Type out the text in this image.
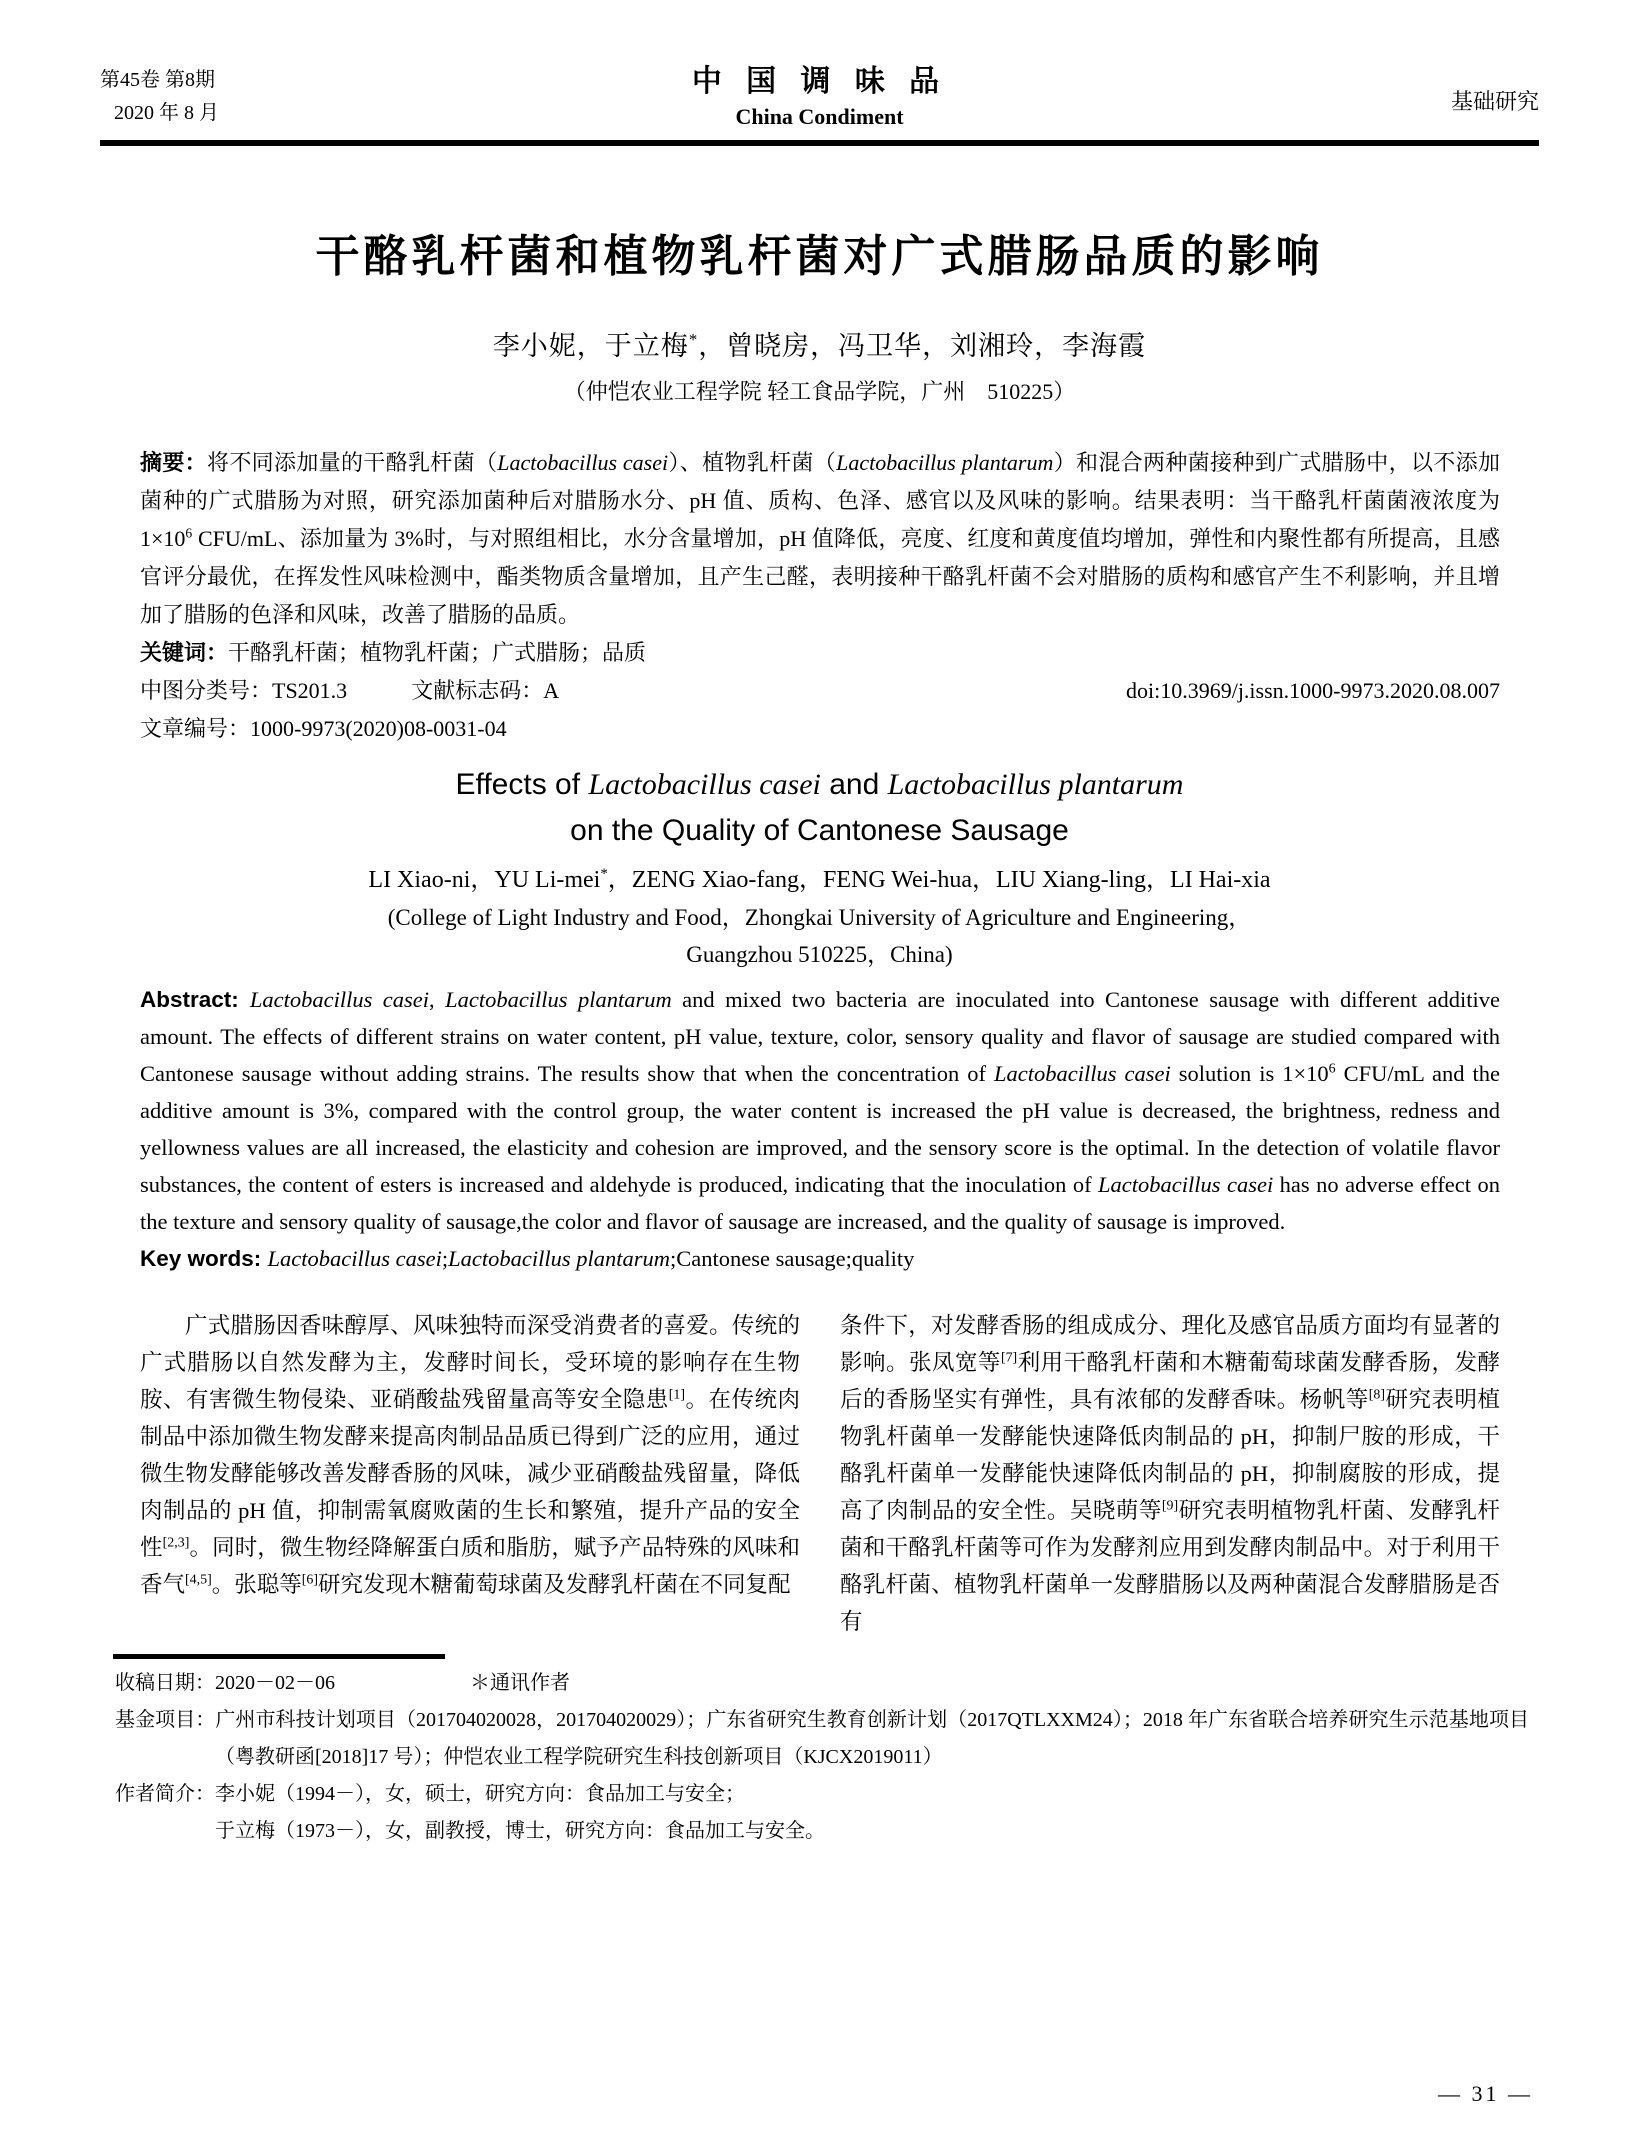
第45卷 第8期
2020 年 8 月
中 国 调 味 品
China Condiment
基础研究
干酪乳杆菌和植物乳杆菌对广式腊肠品质的影响
李小妮，于立梅*，曾晓房，冯卫华，刘湘玲，李海霞
（仲恺农业工程学院 轻工食品学院，广州　510225）

摘要：将不同添加量的干酪乳杆菌（Lactobacillus casei）、植物乳杆菌（Lactobacillus plantarum）和混合两种菌接种到广式腊肠中，以不添加菌种的广式腊肠为对照，研究添加菌种后对腊肠水分、pH 值、质构、色泽、感官以及风味的影响。结果表明：当干酪乳杆菌菌液浓度为 $1\times 10^6$ CFU/mL、添加量为 3%时，与对照组相比，水分含量增加，pH 值降低，亮度、红度和黄度值均增加，弹性和内聚性都有所提高，且感官评分最优，在挥发性风味检测中，酯类物质含量增加，且产生己醛，表明接种干酪乳杆菌不会对腊肠的质构和感官产生不利影响，并且增加了腊肠的色泽和风味，改善了腊肠的品质。

关键词：干酪乳杆菌；植物乳杆菌；广式腊肠；品质
中图分类号：TS201.3	文献标志码：A	doi:10.3969/j.issn.1000-9973.2020.08.007
文章编号：1000-9973(2020)08-0031-04
Effects of Lactobacillus casei and Lactobacillus plantarum
on the Quality of Cantonese Sausage
LI Xiao-ni，YU Li-mei*，ZENG Xiao-fang，FENG Wei-hua，LIU Xiang-ling，LI Hai-xia
(College of Light Industry and Food，Zhongkai University of Agriculture and Engineering，
Guangzhou 510225，China)

Abstract: Lactobacillus casei, Lactobacillus plantarum and mixed two bacteria are inoculated into Cantonese sausage with different additive amount. The effects of different strains on water content, pH value, texture, color, sensory quality and flavor of sausage are studied compared with Cantonese sausage without adding strains. The results show that when the concentration of Lactobacillus casei solution is $1\times 10^6$ CFU/mL and the additive amount is 3%, compared with the control group, the water content is increased the pH value is decreased, the brightness, redness and yellowness values are all increased, the elasticity and cohesion are improved, and the sensory score is the optimal. In the detection of volatile flavor substances, the content of esters is increased and aldehyde is produced, indicating that the inoculation of Lactobacillus casei has no adverse effect on the texture and sensory quality of sausage,the color and flavor of sausage are increased, and the quality of sausage is improved.

Key words: Lactobacillus casei;Lactobacillus plantarum;Cantonese sausage;quality

广式腊肠因香味醇厚、风味独特而深受消费者的喜爱。传统的广式腊肠以自然发酵为主，发酵时间长，受环境的影响存在生物胺、有害微生物侵染、亚硝酸盐残留量高等安全隐患[1]。在传统肉制品中添加微生物发酵来提高肉制品品质已得到广泛的应用，通过微生物发酵能够改善发酵香肠的风味，减少亚硝酸盐残留量，降低肉制品的 pH 值，抑制需氧腐败菌的生长和繁殖，提升产品的安全性[2,3]。同时，微生物经降解蛋白质和脂肪，赋予产品特殊的风味和香气[4,5]。张聪等[6]研究发现木糖葡萄球菌及发酵乳杆菌在不同复配

条件下，对发酵香肠的组成成分、理化及感官品质方面均有显著的影响。张凤宽等[7]利用干酪乳杆菌和木糖葡萄球菌发酵香肠，发酵后的香肠坚实有弹性，具有浓郁的发酵香味。杨帆等[8]研究表明植物乳杆菌单一发酵能快速降低肉制品的 pH，抑制尸胺的形成，干酪乳杆菌单一发酵能快速降低肉制品的 pH，抑制腐胺的形成，提高了肉制品的安全性。吴晓萌等[9]研究表明植物乳杆菌、发酵乳杆菌和干酪乳杆菌等可作为发酵剂应用到发酵肉制品中。对于利用干酪乳杆菌、植物乳杆菌单一发酵腊肠以及两种菌混合发酵腊肠是否有

收稿日期：2020－02－06	＊通讯作者
基金项目：广州市科技计划项目（201704020028，201704020029）；广东省研究生教育创新计划（2017QTLXXM24）；2018 年广东省联合培养研究生示范基地项目（粤教研函[2018]17 号）；仲恺农业工程学院研究生科技创新项目（KJCX2019011）
作者简介：李小妮（1994－），女，硕士，研究方向：食品加工与安全；
于立梅（1973－），女，副教授，博士，研究方向：食品加工与安全。
— 31 —
